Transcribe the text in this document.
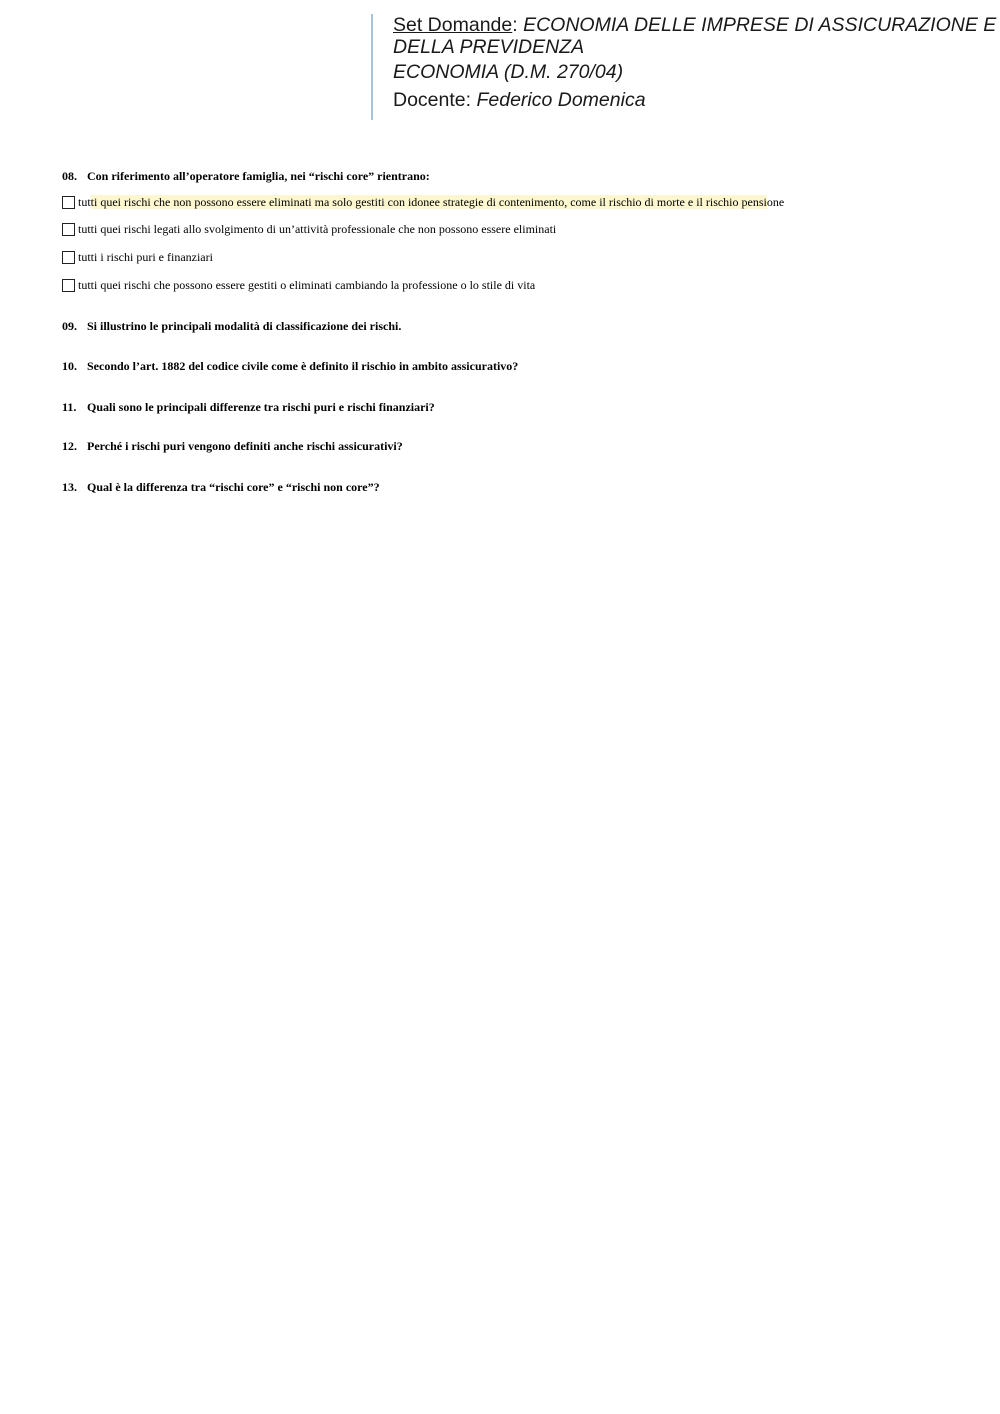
Set Domande: ECONOMIA DELLE IMPRESE DI ASSICURAZIONE E
DELLA PREVIDENZA
ECONOMIA (D.M. 270/04)
Docente: Federico Domenica
08. Con riferimento all’operatore famiglia, nei “rischi core” rientrano:
tutti quei rischi che non possono essere eliminati ma solo gestiti con idonee strategie di contenimento, come il rischio di morte e il rischio pensione
tutti quei rischi legati allo svolgimento di un’attività professionale che non possono essere eliminati
tutti i rischi puri e finanziari
tutti quei rischi che possono essere gestiti o eliminati cambiando la professione o lo stile di vita
09. Si illustrino le principali modalità di classificazione dei rischi.
10. Secondo l’art. 1882 del codice civile come è definito il rischio in ambito assicurativo?
11. Quali sono le principali differenze tra rischi puri e rischi finanziari?
12. Perché i rischi puri vengono definiti anche rischi assicurativi?
13. Qual è la differenza tra “rischi core” e “rischi non core”?
